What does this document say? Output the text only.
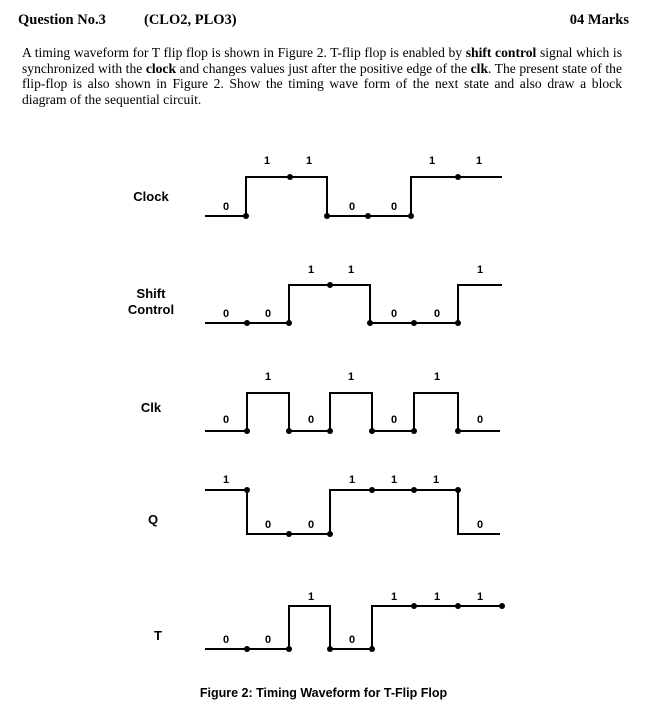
Question No.3	(CLO2, PLO3)	04 Marks
A timing waveform for T flip flop is shown in Figure 2. T-flip flop is enabled by shift control signal which is synchronized with the clock and changes values just after the positive edge of the clk. The present state of the flip-flop is also shown in Figure 2. Show the timing wave form of the next state and also draw a block diagram of the sequential circuit.
Clock
Shift Control
Clk
Q
T
0
1	1
0	0
1	1
0	0
1	1
0	0
1
0
1
0
1
0
1
0
1
0	0
1	1	1
0
0	0
1
0
1	1	1
Figure 2: Timing Waveform for T-Flip Flop
